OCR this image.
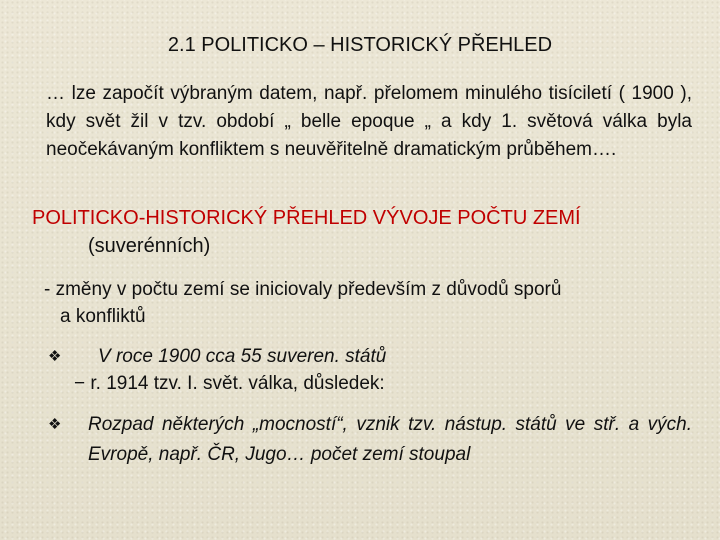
2.1 POLITICKO – HISTORICKÝ PŘEHLED
… lze započít výbraným datem, např. přelomem minulého tisíciletí ( 1900 ), kdy svět žil v tzv. období „ belle epoque „ a kdy 1. světová válka byla neočekávaným konfliktem s neuvěřitelně dramatickým průběhem….
POLITICKO-HISTORICKÝ PŘEHLED VÝVOJE POČTU ZEMÍ
(suverénních)
- změny v počtu zemí se iniciovaly především z důvodů sporů
a konfliktů
❖ V roce 1900 cca 55 suveren. států
− r. 1914 tzv. I. svět. válka, důsledek:
❖ Rozpad některých „mocností“, vznik tzv. nástup. států ve stř. a vých. Evropě, např. ČR, Jugo… počet zemí stoupal
